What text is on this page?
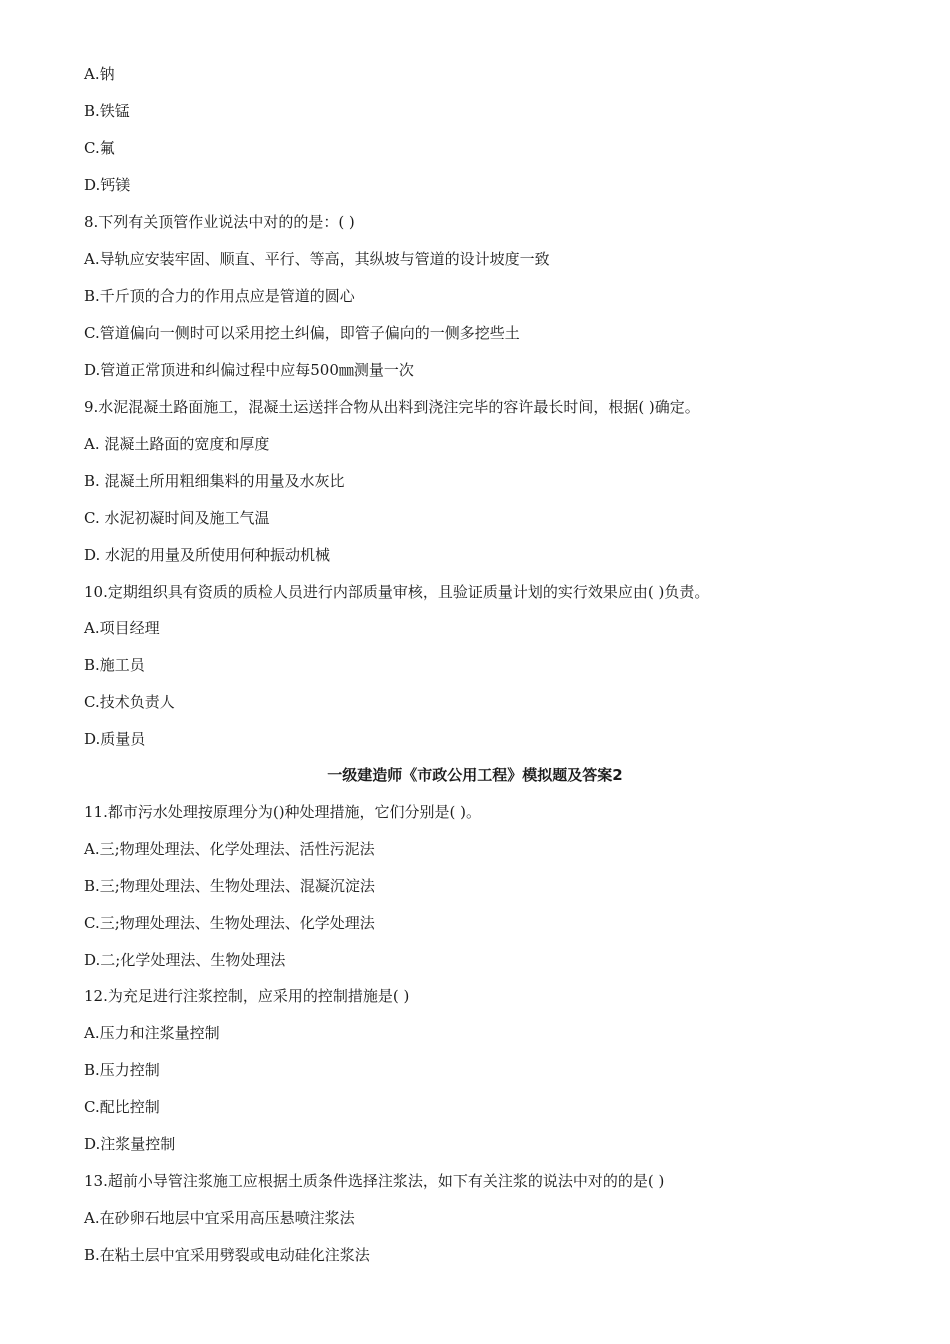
A.钠
B.铁锰
C.氟
D.钙镁
8.下列有关顶管作业说法中对的的是：( )
A.导轨应安装牢固、顺直、平行、等高，其纵坡与管道的设计坡度一致
B.千斤顶的合力的作用点应是管道的圆心
C.管道偏向一侧时可以采用挖土纠偏，即管子偏向的一侧多挖些土
D.管道正常顶进和纠偏过程中应每500㎜测量一次
9.水泥混凝土路面施工，混凝土运送拌合物从出料到浇注完毕的容许最长时间，根据( )确定。
A. 混凝土路面的宽度和厚度
B. 混凝土所用粗细集料的用量及水灰比
C. 水泥初凝时间及施工气温
D. 水泥的用量及所使用何种振动机械
10.定期组织具有资质的质检人员进行内部质量审核，且验证质量计划的实行效果应由( )负责。
A.项目经理
B.施工员
C.技术负责人
D.质量员
一级建造师《市政公用工程》模拟题及答案2
11.都市污水处理按原理分为()种处理措施，它们分别是( )。
A.三;物理处理法、化学处理法、活性污泥法
B.三;物理处理法、生物处理法、混凝沉淀法
C.三;物理处理法、生物处理法、化学处理法
D.二;化学处理法、生物处理法
12.为充足进行注浆控制，应采用的控制措施是( )
A.压力和注浆量控制
B.压力控制
C.配比控制
D.注浆量控制
13.超前小导管注浆施工应根据土质条件选择注浆法，如下有关注浆的说法中对的的是( )
A.在砂卵石地层中宜采用高压悬喷注浆法
B.在粘土层中宜采用劈裂或电动硅化注浆法
